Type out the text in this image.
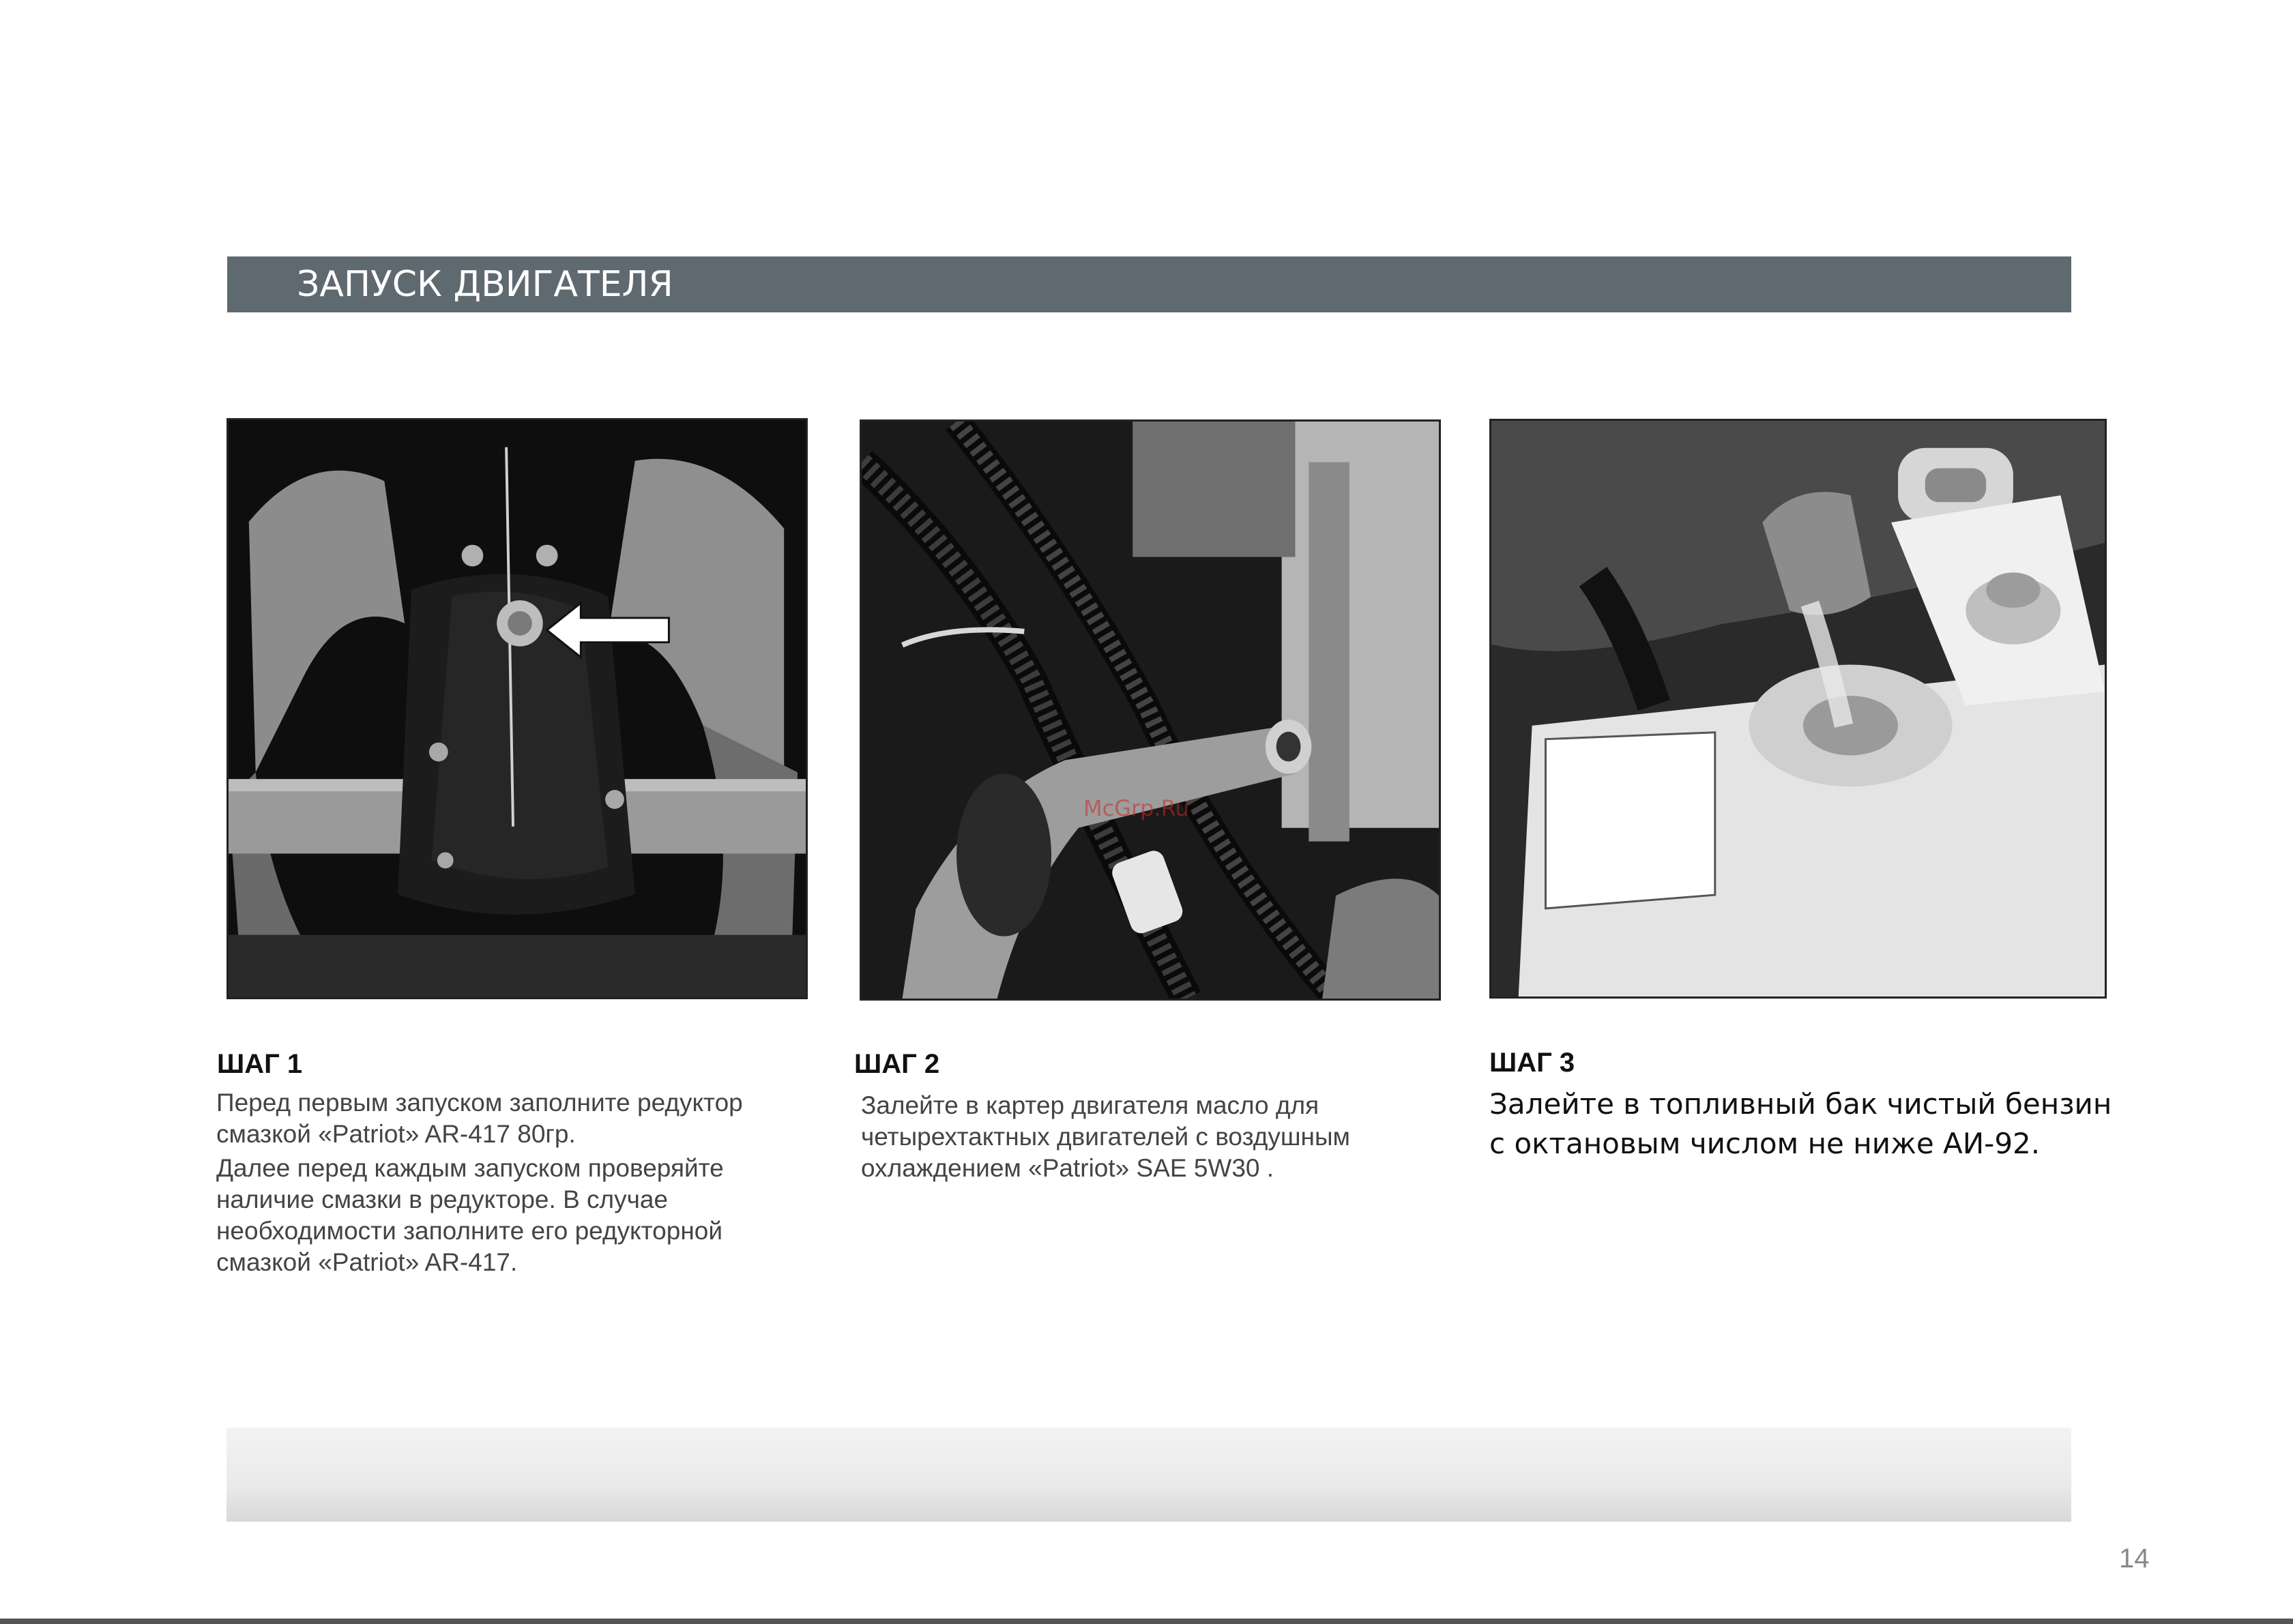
ЗАПУСК ДВИГАТЕЛЯ
McGrp.Ru
ШАГ 1

Перед первым запуском заполните редуктор смазкой «Patriot» AR-417 80гр.

Далее перед каждым запуском проверяйте наличие смазки в редукторе. В случае необходимости заполните его редукторной смазкой «Patriot» AR-417.

ШАГ 2

Залейте в картер двигателя масло для четырехтактных двигателей с воздушным охлаждением «Patriot» SAE 5W30 .

ШАГ 3

Залейте в топливный бак чистый бензин с октановым числом не ниже АИ-92.

14
